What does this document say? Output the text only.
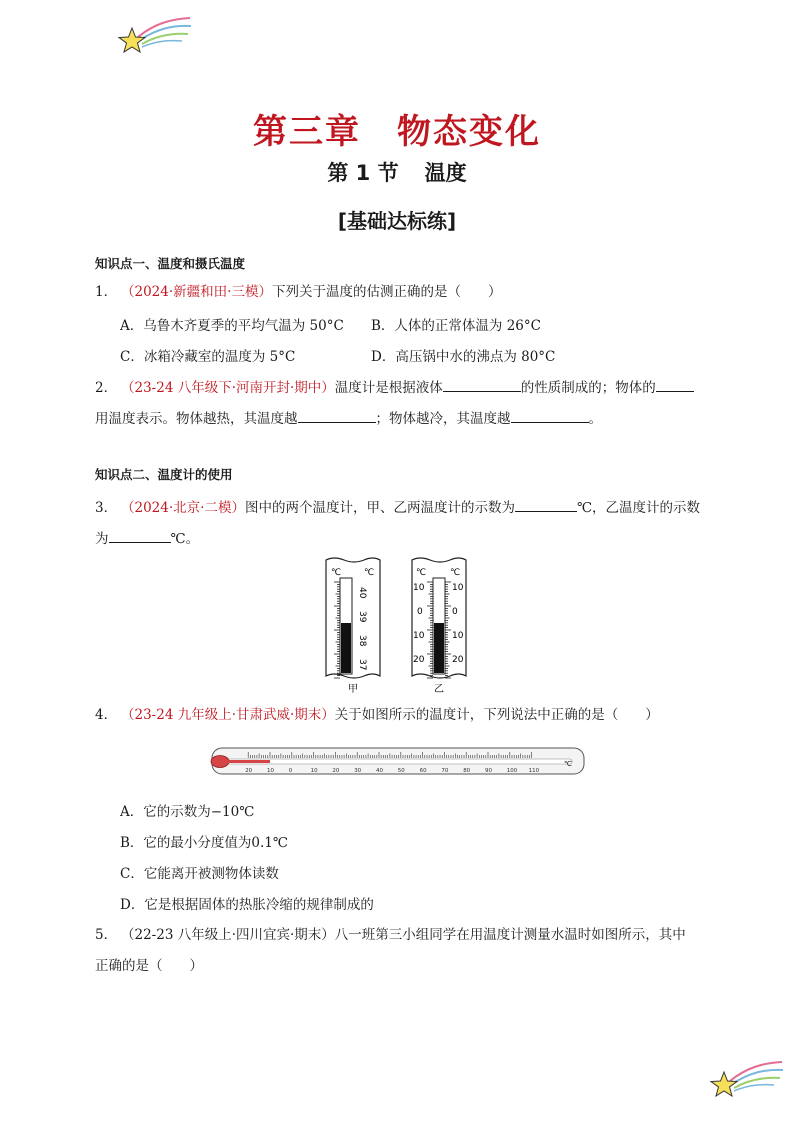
第三章 物态变化
第 1 节 温度
[基础达标练]
知识点一、温度和摄氏温度
1． （2024·新疆和田·三模）下列关于温度的估测正确的是（　　）
A．乌鲁木齐夏季的平均气温为 50°C B．人体的正常体温为 26°C
C．冰箱冷藏室的温度为 5°C	D．高压锅中水的沸点为 80°C
2． （23-24 八年级下·河南开封·期中）温度计是根据液体	的性质制成的；物体的
用温度表示。物体越热，其温度越	；物体越冷，其温度越	。
知识点二、温度计的使用
3． （2024·北京·二模）图中的两个温度计，甲、乙两温度计的示数为	℃，乙温度计的示数
为	℃。
℃	℃
40
39
38
37
甲
℃	℃
10
0
10
20
10
0
10
20
乙
4． （23-24 九年级上·甘肃武威·期末）关于如图所示的温度计，下列说法中正确的是（　　）
20	10	0	10	20	30	40	50	60	70	80	90	100 110
℃
A．它的示数为−10℃
B．它的最小分度值为0.1℃
C．它能离开被测物体读数
D．它是根据固体的热胀冷缩的规律制成的
5． （22-23 八年级上·四川宜宾·期末）八一班第三小组同学在用温度计测量水温时如图所示，其中
正确的是（　　）
